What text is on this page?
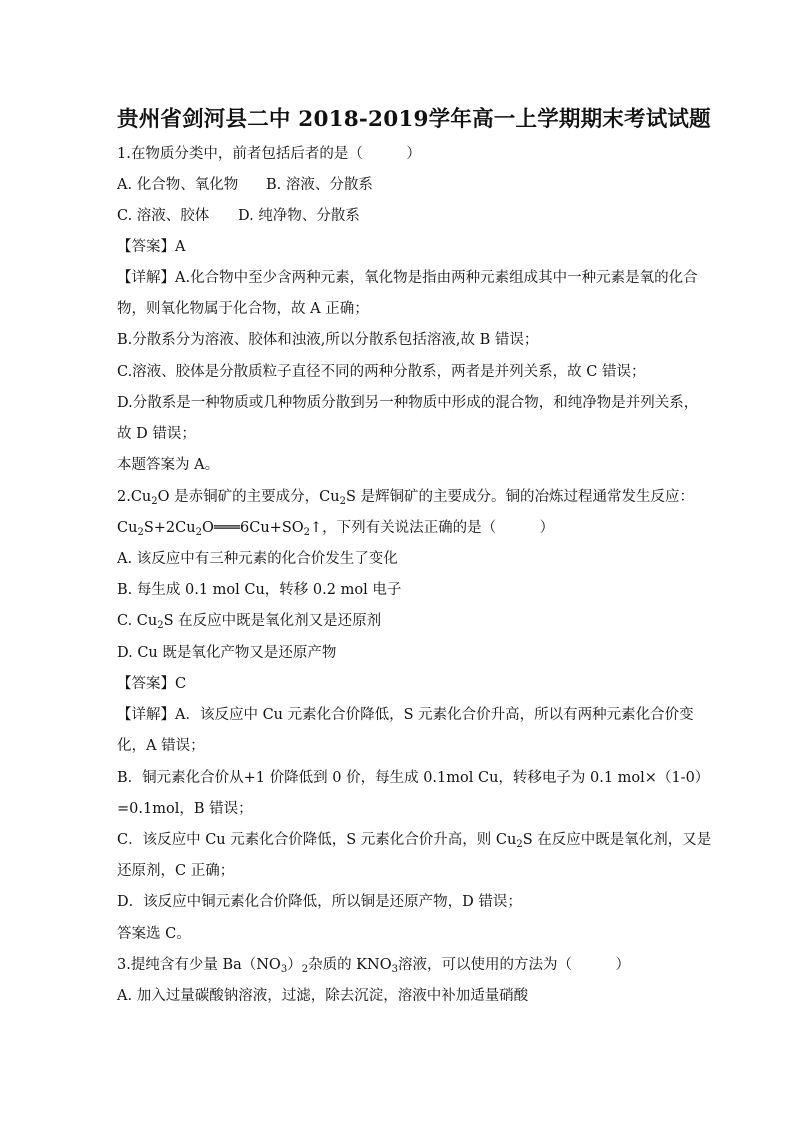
贵州省剑河县二中 2018-2019学年高一上学期期末考试试题
1.在物质分类中，前者包括后者的是（　　　）
A. 化合物、氧化物 B. 溶液、分散系
C. 溶液、胶体 D. 纯净物、分散系
【答案】A
【详解】A.化合物中至少含两种元素，氧化物是指由两种元素组成其中一种元素是氧的化合
物，则氧化物属于化合物，故 A 正确；
B.分散系分为溶液、胶体和浊液,所以分散系包括溶液,故 B 错误；
C.溶液、胶体是分散质粒子直径不同的两种分散系，两者是并列关系，故 C 错误；
D.分散系是一种物质或几种物质分散到另一种物质中形成的混合物，和纯净物是并列关系，
故 D 错误；
本题答案为 A。
$2.Cu_2O$ 是赤铜矿的主要成分，$Cu_2S$ 是辉铜矿的主要成分。铜的冶炼过程通常发生反应：
$Cu_2S+2Cu_2O═══6Cu+SO_2↑$，下列有关说法正确的是（　　　）
A. 该反应中有三种元素的化合价发生了变化
B. 每生成 0.1 mol Cu，转移 0.2 mol 电子
C. $Cu_2S$ 在反应中既是氧化剂又是还原剂
D. Cu 既是氧化产物又是还原产物
【答案】C
【详解】A．该反应中 Cu 元素化合价降低，S 元素化合价升高，所以有两种元素化合价变
化，A 错误；
B．铜元素化合价从+1 价降低到 0 价，每生成 0.1mol Cu，转移电子为 0.1 mol×（1-0）
=0.1mol，B 错误；
C．该反应中 Cu 元素化合价降低，S 元素化合价升高，则 $Cu_2S$ 在反应中既是氧化剂，又是
还原剂，C 正确；
D．该反应中铜元素化合价降低，所以铜是还原产物，D 错误；
答案选 C。
3.提纯含有少量 $Ba(NO_3)_2$杂质的 $KNO_3$溶液，可以使用的方法为（　　　）
A. 加入过量碳酸钠溶液，过滤，除去沉淀，溶液中补加适量硝酸
